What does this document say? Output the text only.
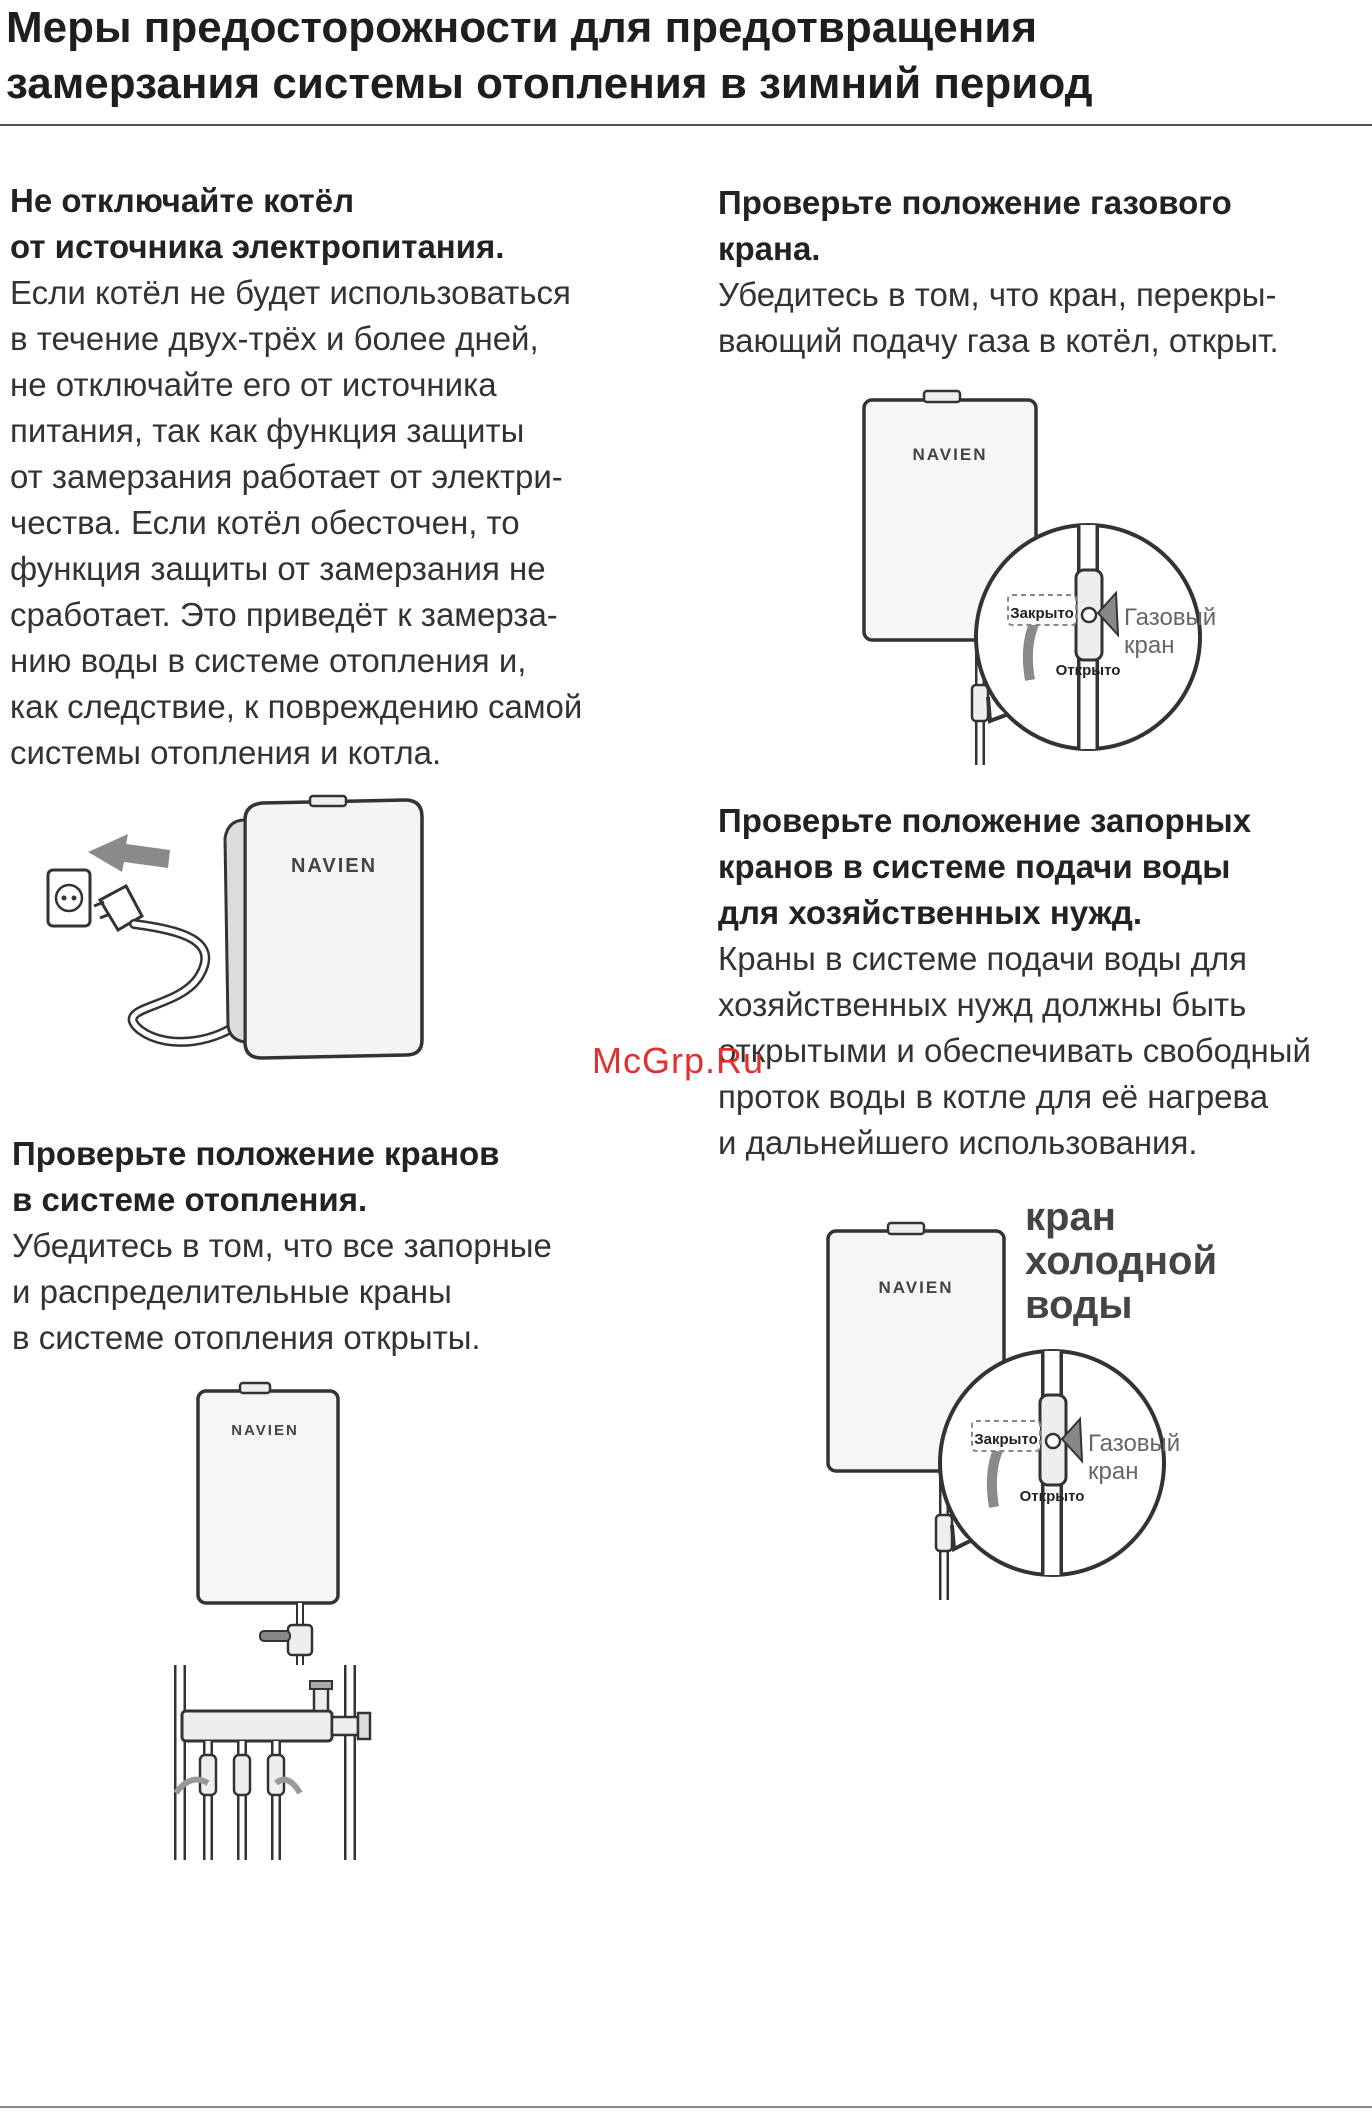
Меры предосторожности для предотвращения
замерзания системы отопления в зимний период
Не отключайте котёл
от источника электропитания.

Если котёл не будет использоваться
в течение двух-трёх и более дней,
не отключайте его от источника
питания, так как функция защиты
от замерзания работает от электри-
чества. Если котёл обесточен, то
функция защиты от замерзания не
сработает. Это приведёт к замерза-
нию воды в системе отопления и,
как следствие, к повреждению самой
системы отопления и котла.

NAVIEN
Проверьте положение кранов
в системе отопления.

Убедитесь в том, что все запорные
и распределительные краны
в системе отопления открыты.

NAVIEN
Проверьте положение газового
крана.

Убедитесь в том, что кран, перекры-
вающий подачу газа в котёл, открыт.

NAVIEN
Закрыто
Открыто
Газовый
кран
Проверьте положение запорных
кранов в системе подачи воды
для хозяйственных нужд.

Краны в системе подачи воды для
хозяйственных нужд должны быть
открытыми и обеспечивать свободный
проток воды в котле для её нагрева
и дальнейшего использования.

McGrp.Ru

кран
холодной
воды

NAVIEN
Закрыто
Открыто
Газовый
кран
